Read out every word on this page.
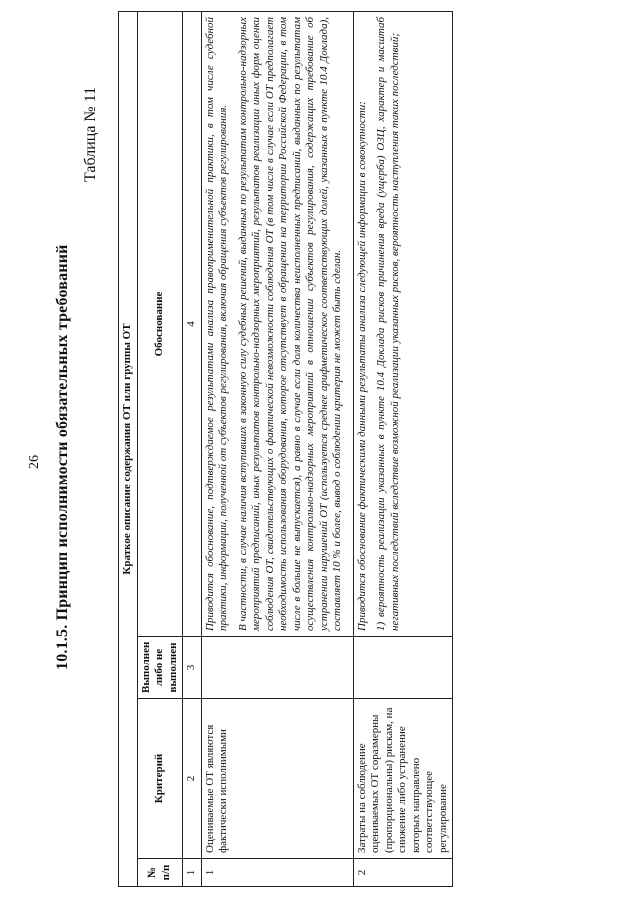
26 10.1.5. Принцип исполнимости обязательных требований
Таблица № 11
Краткое описание содержания ОТ или группы ОТ			
№ п/п	Критерий	Выполнен либо не выполнен	Обоснование
1	2	3	4
1	Оцениваемые ОТ являются фактически исполнимыми		Приводится обоснование, подтверждаемое результатами анализа правоприменительной практики, в том числе судебной практики, информации, полученной от субъектов регулирования, включая обращения субъектов регулирования. В частности, в случае наличия вступивших в законную силу судебных решений, выданных по результатам контрольно-надзорных мероприятий предписаний, иных результатов контрольно-надзорных мероприятий, результатов реализации иных форм оценки соблюдения ОТ, свидетельствующих о фактической невозможности соблюдения ОТ (в том числе в случае если ОТ предполагает необходимость использования оборудования, которое отсутствует в обращении на территории Российской Федерации, в том числе в больше не выпускается), а равно в случае если доля количества неисполненных предписаний, выданных по результатам осуществления контрольно-надзорных мероприятий в отношении субъектов регулирования, содержащих требование об устранении нарушений ОТ (используется среднее арифметическое соответствующих долей, указанных в пункте 10.4 Доклада), составляет 10 % и более, вывод о соблюдении критерия не может быть сделан.

2	Затраты на соблюдение оцениваемых ОТ соразмерны (пропорциональны) рискам, на снижение либо устранение которых направлено соответствующее регулирование		Приводится обоснование фактическими данными результаты анализа следующей информации в совокупности: 1) вероятность реализации указанных в пункте 10.4 Доклада рисков причинения вреда (ущерба) ОЗЦ, характер и масштаб негативных последствий вследствие возможной реализации указанных рисков, вероятность наступления таких последствий;
